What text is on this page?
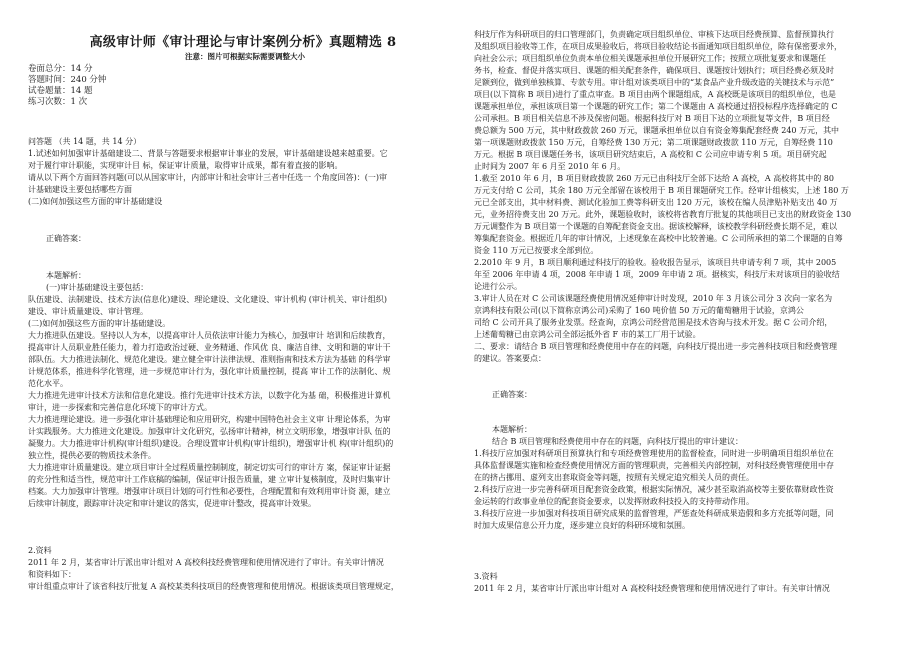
高级审计师《审计理论与审计案例分析》真题精选 8
注意：图片可根据实际需要调整大小
卷面总分：14 分
答题时间：240 分钟
试卷题量：14 题
练习次数：1 次

问答题 （共 14 题，共 14 分）

1.试述如何加强审计基础建设二、背景与答题要求根据审计事业的发展，审计基础建设越来越重要。它

对于履行审计职能，实现审计目 标，保证审计质量，取得审计成果，都有着直接的影响。

请从以下两个方面回答问题(可以从国家审计，内部审计和社会审计三者中任选一 个角度回答)：(一)审

计基础建设主要包括哪些方面

(二)如何加强这些方面的审计基础建设

正确答案：

本题解析：

(一)审计基础建设主要包括：

队伍建设、法制建设、技术方法(信息化)建设、理论建设、文化建设、审计机构 (审计机关、审计组织)

建设、审计质量建设、审计管理。

(二)如何加强这些方面的审计基础建设。

大力推进队伍建设。坚持以人为本，以提高审计人员依法审计能力为核心，加强审计 培训和后续教育，

提高审计人员职业胜任能力，着力打造政治过硬、业务精通、作风优 良、廉洁自律、文明和谐的审计干

部队伍。大力推进法制化、规范化建设。建立健全审计法律法规、准则指南和技术方法为基础 的科学审

计规范体系，推进科学化管理，进一步规范审计行为，强化审计质量控制，提高 审计工作的法制化、规

范化水平。

大力推进先进审计技术方法和信息化建设。推行先进审计技术方法，以数字化为基 础，积极推进计算机

审计，进一步探索和完善信息化环境下的审计方式。

大力推进理论建设。进一步强化审计基础理论和应用研究，构建中国特色社会主义审 计理论体系，为审

计实践服务。大力推进文化建设。加强审计文化研究，弘扬审计精神，树立文明形象，增强审计队 伍的

凝聚力。大力推进审计机构(审计组织)建设。合理设置审计机构(审计组织)，增强审计机 构(审计组织)的

独立性，提供必要的物质技术条件。

大力推进审计质量建设。建立项目审计全过程质量控制制度，制定切实可行的审计方 案，保证审计证据

的充分性和适当性，规范审计工作底稿的编制，保证审计报告质量，建 立审计复核制度，及时归集审计

档案。大力加强审计管理。增强审计项目计划的可行性和必要性，合理配置和有效利用审计资 源，建立

后续审计制度，跟踪审计决定和审计建议的落实，促进审计整改，提高审计效果。

2.资料

2011 年 2 月，某省审计厅派出审计组对 A 高校科技经费管理和使用情况进行了审计。有关审计情况

和资料如下：

审计组重点审计了该省科技厅批复 A 高校某类科技项目的经费管理和使用情况。根据该类项目管理规定，

科技厅作为科研项目的归口管理部门，负责确定项目组织单位、审核下达项目经费预算、监督预算执行

及组织项目验收等工作，在项目成果验收后，将项目验收结论书面通知项目组织单位，除有保密要求外，

向社会公示；项目组织单位负责本单位相关课题承担单位开展研究工作；按照立项批复要求和课题任

务书，检查、督促并落实项目、课题的相关配套条件，确保项目、课题按计划执行；项目经费必须及时

足额到位，做到单独核算、专款专用。审计组对该类项目中的“某食品产业升级改造的关键技术与示范”

项目(以下简称 B 项目)进行了重点审查。B 项目由两个课题组成，A 高校既是该项目的组织单位，也是

课题承担单位，承担该项目第一个课题的研究工作；第二个课题由 A 高校通过招投标程序选择确定的 C

公司承担。B 项目相关信息不涉及保密问题。根据科技厅对 B 项目下达的立项批复等文件，B 项目经

费总额为 500 万元，其中财政拨款 260 万元，课题承担单位以自有资金筹集配套经费 240 万元，其中

第一项课题财政拨款 150 万元，自筹经费 130 万元；第二项课题财政拨款 110 万元，自筹经费 110

万元。根据 B 项目课题任务书，该项目研究结束后，A 高校和 C 公司应申请专利 5 项。项目研究起

止时间为 2007 年 6 月至 2010 年 6 月。

1.截至 2010 年 6 月，B 项目财政拨款 260 万元已由科技厅全部下达给 A 高校，A 高校将其中的 80

万元支付给 C 公司，其余 180 万元全部留在该校用于 B 项目课题研究工作。经审计组核实，上述 180 万

元已全部支出，其中材料费、测试化验加工费等科研支出 120 万元，该校在编人员津贴补贴支出 40 万

元，业务招待费支出 20 万元。此外，课题验收时，该校将省教育厅批复的其他项目已支出的财政资金 130

万元调整作为 B 项目第一个课题的自筹配套资金支出。据该校解释，该校教学科研经费长期不足，难以

筹集配套资金。根据近几年的审计情况，上述现象在高校中比较普遍。C 公司所承担的第二个课题的自筹

资金 110 万元已按要求全部到位。

2.2010 年 9 月，B 项目顺利通过科技厅的验收。验收报告显示，该项目共申请专利 7 项，其中 2005

年至 2006 年申请 4 项，2008 年申请 1 项，2009 年申请 2 项。据核实，科技厅未对该项目的验收结

论进行公示。

3.审计人员在对 C 公司该课题经费使用情况延伸审计时发现，2010 年 3 月该公司分 3 次向一家名为

京鸿科技有限公司(以下简称京鸿公司)采购了 160 吨价值 50 万元的葡萄糖用于试验，京鸿公

司给 C 公司开具了服务业发票。经查询，京鸿公司经营范围是技术咨询与技术开发。据 C 公司介绍，

上述葡萄糖已由京鸿公司全部运抵外省 F 市的某工厂用于试验。

二、要求：请结合 B 项目管理和经费使用中存在的问题，向科技厅提出进一步完善科技项目和经费管理

的建议。答案要点：

正确答案：

本题解析：

结合 B 项目管理和经费使用中存在的问题，向科技厅提出的审计建议：

1.科技厅应加强对科研项目预算执行和专项经费管理使用的监督检查，同时进一步明确项目组织单位在

具体监督课题实施和检查经费使用情况方面的管理职责，完善相关内部控制，对科技经费管理使用中存

在的挤占挪用、虚列支出套取资金等问题，按照有关规定追究相关人员的责任。

2.科技厅应进一步完善科研项目配套资金政策，根据实际情况，减少甚至取消高校等主要依靠财政性资

金运转的行政事业单位的配套资金要求，以发挥财政科技投入的支持带动作用。

3.科技厅应进一步加强对科技项目研究成果的监督管理，严惩查处科研成果造假和多方充抵等问题，同

时加大成果信息公开力度，逐步建立良好的科研环境和氛围。

3.资料

2011 年 2 月，某省审计厅派出审计组对 A 高校科技经费管理和使用情况进行了审计。有关审计情况
